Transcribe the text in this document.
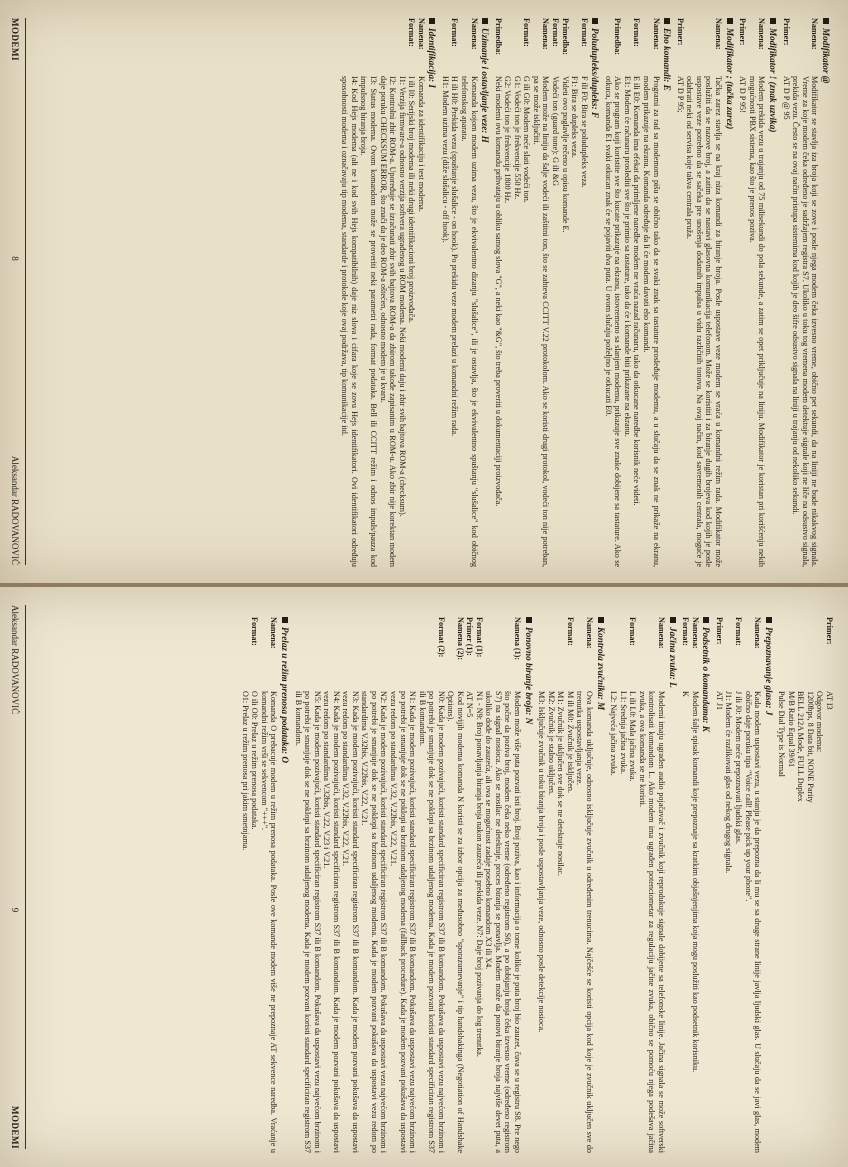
Modifikator @
Namena:
Modifikator se stavlja iza broja koji se zove i posle njega modem čeka izvesno vreme, obično pet sekundi, da na liniji ne bude nikakvog signala. Vreme za koje modem čeka određeno je sadržajem registra S7. Ukoliko u toku tog vremena modem detektuje signale koji ne liče na odsustvo signala, prekida vezu. Često se na ovaj način pristupa sistemima kod kojih je deo šifre odsustvo signala na liniji u trajanju od nekoliko sekundi.
Primer:
AT D P @ 95
Modifikator ! (znak uzvika)
Namena:
Modem prekida vezu u trajanju od 75 milisekundi do pola sekunde, a zatim se opet priključuje na liniju. Modifikator je koristan pri korišćenju nekih mogućnosti PBX sistema, kao što je prenos poziva.
Primer:
AT D P 95!
Modifikator ; (tačka zarez)
Namena:
Tačka zarez stavlja se na kraj niza komandi za biranje broja. Posle uspostave veze modem se vraća u komandni režim rada. Modifikator može poslužiti da se nazove broj, a zatim da se nastavi glasovna komunikacija telefonom. Može se koristiti i za biranje dugih brojeva kod kojih je posle uspostave veze potrebno da se sačeka pre unošenja dodatnih impulsa u vidu različitih tonova. Na ovaj način, kod savremenih centrala, moguće je odabrati neki od servisa koje takva centrala pruža.
Primer:
AT D P 95;
Eho komandi: E
Namena:
Programi za rad sa modemom pišu se obično tako da se svaki znak sa tastature prosleđuje modemu, a u slučaju da se znak ne prikaže na ekranu, modem prikazuje na ekranu. Komanda određuje da li će modem davati eho komandi.
Format:
E ili E0: Komanda ima efekat da primljene naredbe modem ne vraća nazad računaru, tako da otkucane naredbe korisnik neće videti.
E1: Modem će računaru proslediti sve što je primio sa tastature, tako da će i komande biti prikazane na ekranu.
Primedba:
Ako se program koji koristite sve što kucate prikazuje na ekranu, istovremeno sa slanjem modemu, prikazuje sve znake dobijene sa tastature. Ako se otkuca, komanda E1 svaki otkucan znak će se pojaviti dva puta. U ovom slučaju poželjno je otkucati E0.
Poludupleks/dupleks: F
Format:
F ili F0: Bira se poludupleks veza.
F1: Bira se dupleks veza.
Primedba:
Videti ovo poglavlje rečeno u opisu komande E.
Format:
Vodeći ton (guard tone): G ili &G
Namena:
Modem može na liniju da šalje vodeći ili zaštitni ton, što se zahteva CCITT V.22 protokolom. Ako se koristi drugi protokol, vodeći ton nije potreban, pa se može isključiti.
Format:
G ili G0: Modem neće slati vodeći ton.
G1: Vodeći ton je frekvencije 550 Hz.
G2: Vodeći ton je frekvencije 1800 Hz.
Primedba:
Neki modemi ovu komandu prihvataju u obliku samog slova "G", a neki kao "&G", što treba proveriti u dokumentaciji proizvođača.
Uzimanje i ostavljanje veze: H
Namena:
Komanda kojom modem uzima vezu, što je ekvivalentno dizanju "slušalice", ili je ostavlja, što je ekvivalentno spuštanju "slušalice" kod običnog telefonskog aparata.
Format:
H ili H0: Prekida vezu (spuštanje slušalice - on hook). Po prekidu veze modem prelazi u komandni režim rada.
H1: Modem uzima vezu (diže slušalicu - off hook).
Identifikacija: I
Namena:
Komanda za identifikaciju i test modema.
Format:
I ili I0: Serijski broj modema ili neki drugi identifikacioni broj proizvođača.
I1: Verzija firmware-a odnosno verzija softvera ugrađenog u ROM modema. Neki modemi daju i zbir svih bajtova ROM-a (checksum).
I2: Kontrolni zbir ROM-a. Upoređuje se izračunati zbir svih bajtova ROM-a da zbirom takođe zapisanim u ROM-u. Ako zbir nije korektan modem daje poruku CHECKSUM ERROR, što znači da je deo ROM-a oštećen, odnosno modem je u kvaru.
I3: Status modema. Ovom komandom može se proveriti neki parametri rada, format podataka. Bell ili CCITT režim i odnos impuls/pauza kod impulsnog biranja broja.
I4: Kod Hejs modema (ali ne i kod svih Hejs kompatibilnih) daje niz slova i cifara koje se zovu Hejs identifikatori. Ovi identifikatori određuju sposobnosti modema i označavaju tip modema, standarde i protokole koje ovaj podržava, tip komunikacije itd.
MODEMI
8
Aleksandar RADOVANOVIĆ
Primer:
AT I3
Odgovor modema:
1200bps, 8 Data bit, NONE Parity
BELL 212A Mode, FULL Duplex
M/B Ratio Equal 39/61
Pulse Dial Type is Normal
Prepoznavanje glasa: J
Namena:
Kada modem uspostavi vezu, u stanju je da prepozna da li mu se sa druge strane linije javlja ljudski glas. U slučaju da se javi glas, modem obično daje poruku tipa "Voice call! Please pick up your phone".
Format:
J ili J0: Modem neće prepoznavati ljudski glas.
J1: Modem će razlikovati glas od nekog drugog signala.
Primer:
AT J1
Podsetnik o komandama: K
Namena:
Modem šalje spisak komandi koje prepoznaje sa kratkim objašnjenjima koja mogu poslužiti kao podsetnik korisniku.
Format:
K
Jačina zvuka: L
Namena:
Modemi imaju ugrađen audio pojačavač i zvučnik koji reprodukuje signale dobijene sa telefonske linije. Jačina signala se može softverski kontrolisati komandom L. Ako modem ima ugrađen potenciometar za regulaciju jačine zvuka, obično se pomoću njega podešava jačina zvuka, a ova komanda se ne koristi.
Format:
L ili L0: Mala jačina zvuka.
L1: Srednja jačina zvuka.
L2: Najveća jačina zvuka.
Kontrola zvučnika: M
Namena:
Ova komanda uključuje, odnosno isključuje zvučnik u određenim trenucima. Najčešće se koristi opcija kod koje je zvučnik uključen sve do trenutka uspostavljanja veze.
Format:
M ili M0: Zvučnik je isključen.
M1: Zvučnik je uključen sve dok se ne detektuje nosilac.
M2: Zvučnik je stalno uključen.
M3: Isključuje zvučnik u toku biranja broja i posle uspostavljanja veze, odnosno posle detekcije nosioca.
Ponovno biranje broja: N
Namena (1):
Modem može više puta pozvati isti broj. Broj poziva, kao i informacija o tome koliko je puta broj bio zauzet, čuva se u registru S8. Pre nego što počne da poziva broj, modem čeka neko vreme (određeno registrom S6), a po dobijanju broja čeka izvesno vreme (određeno registrom S7) na signal nosioca. Ako se nosilac ne detektuje, proces biranja se ponavlja. Modem može da ponovi biranje broja najviše devet puta, a ukoliko dođe do zauzeća, ali ova se mogućnost zadaje posebno komandom X3 ili X4.
Format (1):
N1 - N9: Broj ponavljanja biranja broja nakon zauzeća ili prekida veze. N7: Daje broj pozivanja do log trenutka.
Primer (1):
AT N=5
Namena (2):
Kod novijih modema komanda N koristi se za izbor opcija za međusobno "sporazumevanje" i tip handshakinga (Negotiation of Handshake Options).
Format (2):
N0: Kada je modem pozivajući, koristi standard specificiran registrom S37 ili B komandom. Pokušava da uspostavi vezu najvećom brzinom i po potrebi je smanjuje dok se ne poklopi sa brzinom udaljenog modema. Kada je modem pozvani koristi standard specificiran registrom S37 ili B komandom.
N1: Kada je modem pozivajući, koristi standard specificiran registrom S37 ili B komandom. Pokušava da uspostavi vezu najvećom brzinom i po potrebi je smanjuje dok se ne poklopi sa brzinom udaljenog modema (fallback procedure). Kada je modem pozvani pokušava da uspostavi vezu redom po standardima V.32, V.22bis, V.22, V.21.
N2: Kada je modem pozivajući, koristi standard specificiran registrom S37 ili B komandom. Pokušava da uspostavi vezu najvećom brzinom i po potrebi je smanjuje dok se ne poklopi sa brzinom udaljenog modema. Kada je modem pozvani pokušava da uspostavi vezu redom po standardima V.32bis, V.22bis, V.22, V.21.
N3: Kada je modem pozivajući, koristi standard specificiran registrom S37 ili B komandom. Kada je modem pozvani pokušava da uspostavi vezu redom po standardima V.32, V.22bis, V.22, V.21.
N4: Kada je modem pozivajući, koristi standard specificiran registrom S37 ili B komandom. Kada je modem pozvani pokušava da uspostavi vezu redom po standardima V.32bis, V.22, V.23 i V.21.
N5: Kada je modem pozivajući, koristi standard specificiran registrom S37 ili B komandom. Pokušava da uspostavi vezu najvećom brzinom i po potrebi je smanjuje dok se ne poklopi sa brzinom udaljenog modema. Kada je modem pozvani koristi standard specificiran registrom S37 ili B komandom.
Prelaz u režim prenosa podataka: O
Namena:
Komanda O prebacuje modem u režim prenosa podataka. Posle ove komande modem više ne prepoznaje AT sekvence naredba. Vraćanje u komandni režim vrši se sekvencom "+++".
Format:
O ili O0: Prelaz u režim prenosa podataka.
O1: Prelaz u režim prenosa pri jakim smetnjama.
Aleksandar RADOVANOVIĆ
9
MODEMI
